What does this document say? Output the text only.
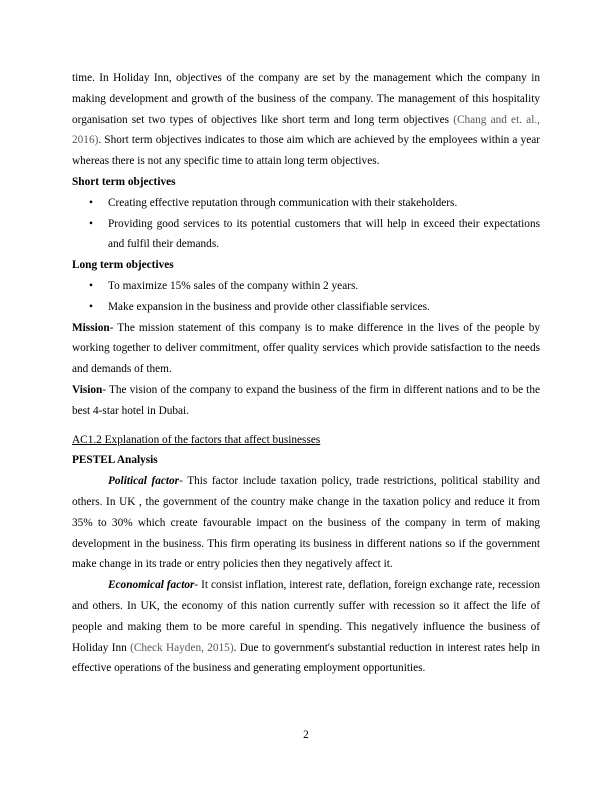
time. In Holiday Inn, objectives of the company are set by the management which the company in making development and growth of the business of the company. The management of this hospitality organisation set two types of objectives like short term and long term objectives (Chang and et. al., 2016). Short term objectives indicates to those aim which are achieved by the employees within a year whereas there is not any specific time to attain long term objectives.

Short term objectives

• Creating effective reputation through communication with their stakeholders.
• Providing good services to its potential customers that will help in exceed their expectations and fulfil their demands.

Long term objectives

• To maximize 15% sales of the company within 2 years.
• Make expansion in the business and provide other classifiable services.

Mission- The mission statement of this company is to make difference in the lives of the people by working together to deliver commitment, offer quality services which provide satisfaction to the needs and demands of them.

Vision- The vision of the company to expand the business of the firm in different nations and to be the best 4-star hotel in Dubai.

AC1.2 Explanation of the factors that affect businesses

PESTEL Analysis

Political factor- This factor include taxation policy, trade restrictions, political stability and others. In UK , the government of the country make change in the taxation policy and reduce it from 35% to 30% which create favourable impact on the business of the company in term of making development in the business. This firm operating its business in different nations so if the government make change in its trade or entry policies then they negatively affect it.

Economical factor- It consist inflation, interest rate, deflation, foreign exchange rate, recession and others. In UK, the economy of this nation currently suffer with recession so it affect the life of people and making them to be more careful in spending. This negatively influence the business of Holiday Inn (Check Hayden, 2015). Due to government's substantial reduction in interest rates help in effective operations of the business and generating employment opportunities.

2
